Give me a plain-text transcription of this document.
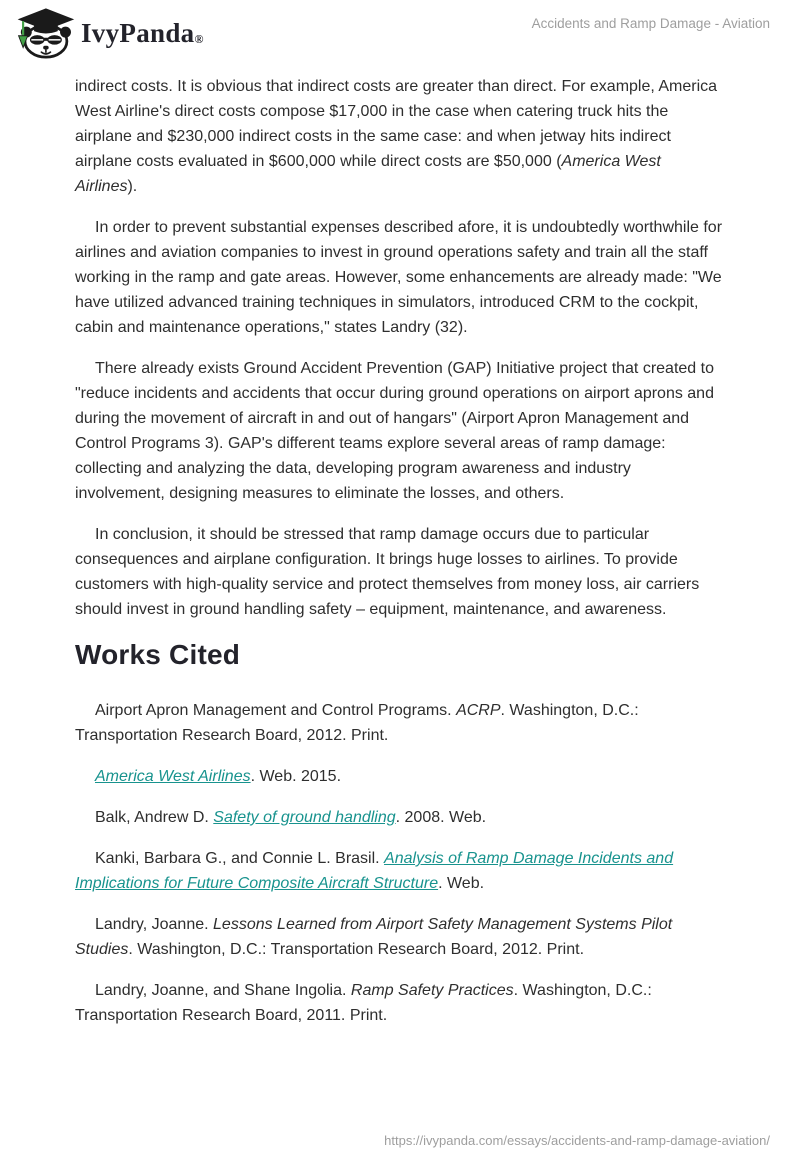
IvyPanda®
Accidents and Ramp Damage - Aviation

indirect costs. It is obvious that indirect costs are greater than direct. For example, America West Airline's direct costs compose $17,000 in the case when catering truck hits the airplane and $230,000 indirect costs in the same case: and when jetway hits indirect airplane costs evaluated in $600,000 while direct costs are $50,000 (America West Airlines).

In order to prevent substantial expenses described afore, it is undoubtedly worthwhile for airlines and aviation companies to invest in ground operations safety and train all the staff working in the ramp and gate areas. However, some enhancements are already made: "We have utilized advanced training techniques in simulators, introduced CRM to the cockpit, cabin and maintenance operations," states Landry (32).

There already exists Ground Accident Prevention (GAP) Initiative project that created to "reduce incidents and accidents that occur during ground operations on airport aprons and during the movement of aircraft in and out of hangars" (Airport Apron Management and Control Programs 3). GAP's different teams explore several areas of ramp damage: collecting and analyzing the data, developing program awareness and industry involvement, designing measures to eliminate the losses, and others.

In conclusion, it should be stressed that ramp damage occurs due to particular consequences and airplane configuration. It brings huge losses to airlines. To provide customers with high-quality service and protect themselves from money loss, air carriers should invest in ground handling safety – equipment, maintenance, and awareness.

Works Cited

Airport Apron Management and Control Programs. ACRP. Washington, D.C.: Transportation Research Board, 2012. Print.

America West Airlines. Web. 2015.

Balk, Andrew D. Safety of ground handling. 2008. Web.

Kanki, Barbara G., and Connie L. Brasil. Analysis of Ramp Damage Incidents and Implications for Future Composite Aircraft Structure. Web.

Landry, Joanne. Lessons Learned from Airport Safety Management Systems Pilot Studies. Washington, D.C.: Transportation Research Board, 2012. Print.

Landry, Joanne, and Shane Ingolia. Ramp Safety Practices. Washington, D.C.: Transportation Research Board, 2011. Print.

https://ivypanda.com/essays/accidents-and-ramp-damage-aviation/
